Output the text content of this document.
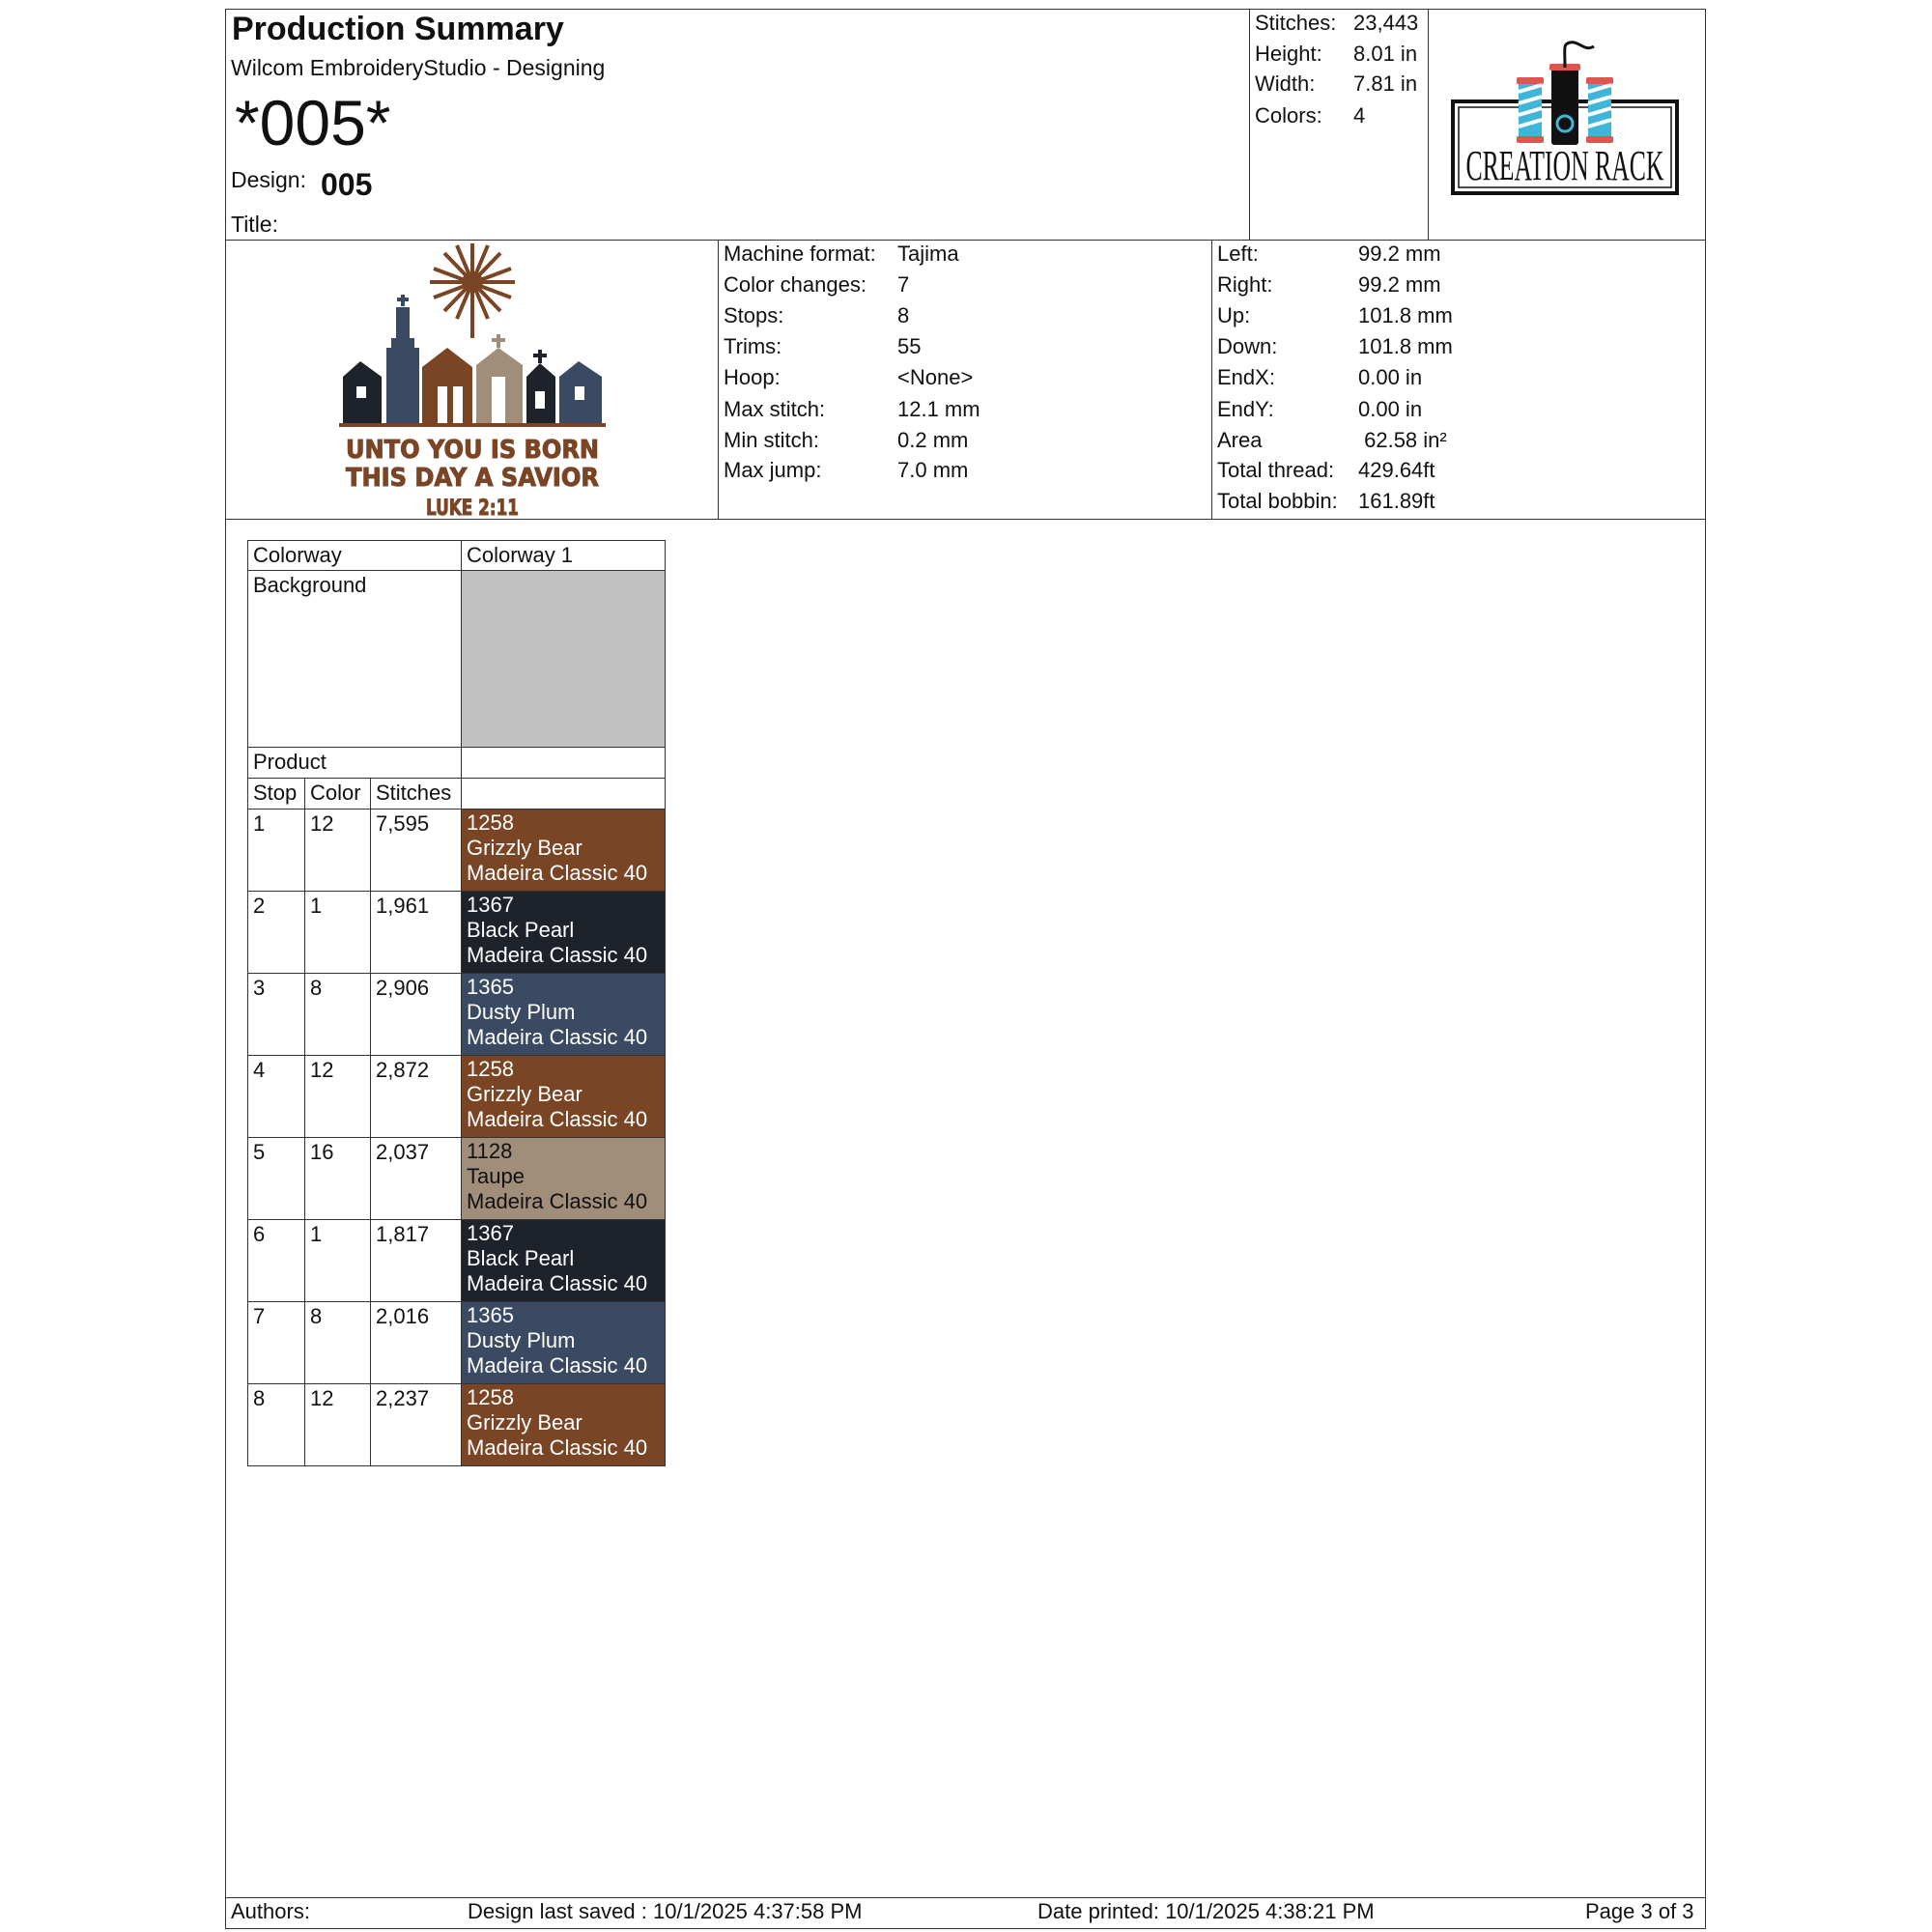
Production Summary
Wilcom EmbroideryStudio - Designing
*005*
Design: 005
Title:
Stitches: 23,443
Height: 8.01 in
Width: 7.81 in
Colors: 4
CREATION RACK
UNTO YOU IS BORN
THIS DAY A SAVIOR
LUKE 2:11
Machine format: Tajima
Color changes: 7
Stops:	8
Trims:	55
Hoop:	<None>
Max stitch:	12.1 mm
Min stitch:	0.2 mm
Max jump:	7.0 mm
Left:	99.2 mm
Right:	99.2 mm
Up:	101.8 mm
Down:	101.8 mm
EndX:	0.00 in
EndY:	0.00 in
Area	62.58 in²
Total thread: 429.64ft
Total bobbin: 161.89ft
Colorway			Colorway 1
Background			
Product			
Stop	Color	Stitches	
1	12	7,595	1258
Grizzly Bear
Madeira Classic 40

2	1	1,961	1367
Black Pearl
Madeira Classic 40

3	8	2,906	1365
Dusty Plum
Madeira Classic 40

4	12	2,872	1258
Grizzly Bear
Madeira Classic 40

5	16	2,037	1128
Taupe
Madeira Classic 40

6	1	1,817	1367
Black Pearl
Madeira Classic 40

7	8	2,016	1365
Dusty Plum
Madeira Classic 40

8	12	2,237	1258
Grizzly Bear
Madeira Classic 40
Authors:	Design last saved : 10/1/2025 4:37:58 PM	Date printed: 10/1/2025 4:38:21 PM	Page 3 of 3
